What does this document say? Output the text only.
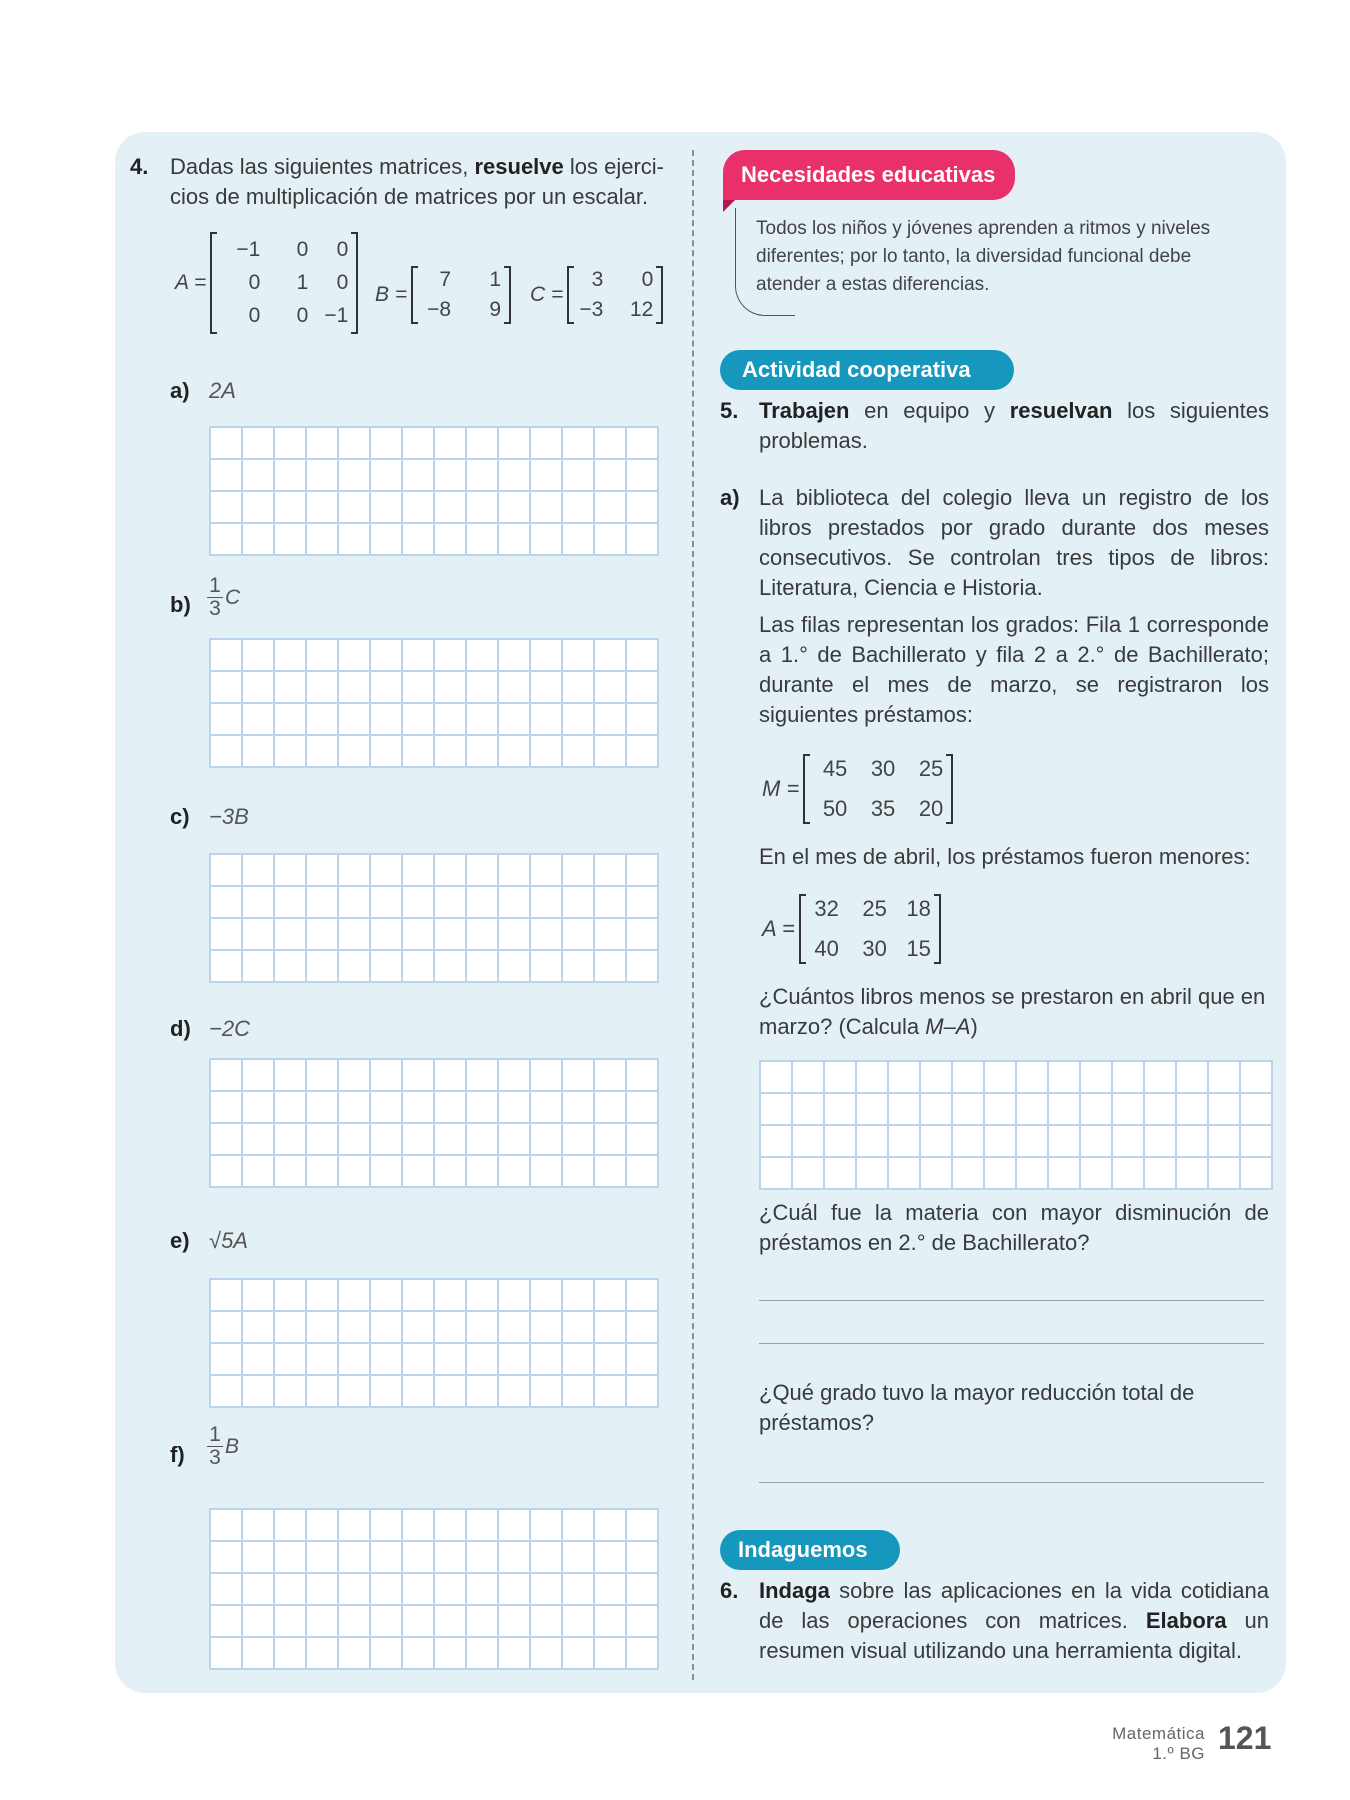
4. Dadas las siguientes matrices, resuelve los ejerci-
cios de multiplicación de matrices por un escalar.
A =
−1	0	0
0	1	0
0	0 −1
B =
7	1
−8	9
C =
3	0
−3	12
a) 2A
b)
1
3 C
c) −3B
d) −2C
e) √5A
f)
1
3 B
Necesidades educativas
Todos los niños y jóvenes aprenden a ritmos y niveles
diferentes; por lo tanto, la diversidad funcional debe
atender a estas diferencias.
Actividad cooperativa
5. Trabajen en equipo y resuelvan los siguientes problemas.
a) La biblioteca del colegio lleva un registro de los libros prestados por grado durante dos meses consecutivos. Se controlan tres tipos de libros: Literatura, Ciencia e Historia.
Las filas representan los grados: Fila 1 corresponde a 1.° de Bachillerato y fila 2 a 2.° de Bachillerato; durante el mes de marzo, se registraron los siguientes préstamos:
M =
45	30	25
50	35	20
En el mes de abril, los préstamos fueron menores:
A =
32	25 18
40	30 15
¿Cuántos libros menos se prestaron en abril que en marzo? (Calcula M–A)
¿Cuál fue la materia con mayor disminución de préstamos en 2.° de Bachillerato?
¿Qué grado tuvo la mayor reducción total de préstamos?
Indaguemos
6. Indaga sobre las aplicaciones en la vida cotidiana de las operaciones con matrices. Elabora un resumen visual utilizando una herramienta digital.
Matemática
1.º BG 121
